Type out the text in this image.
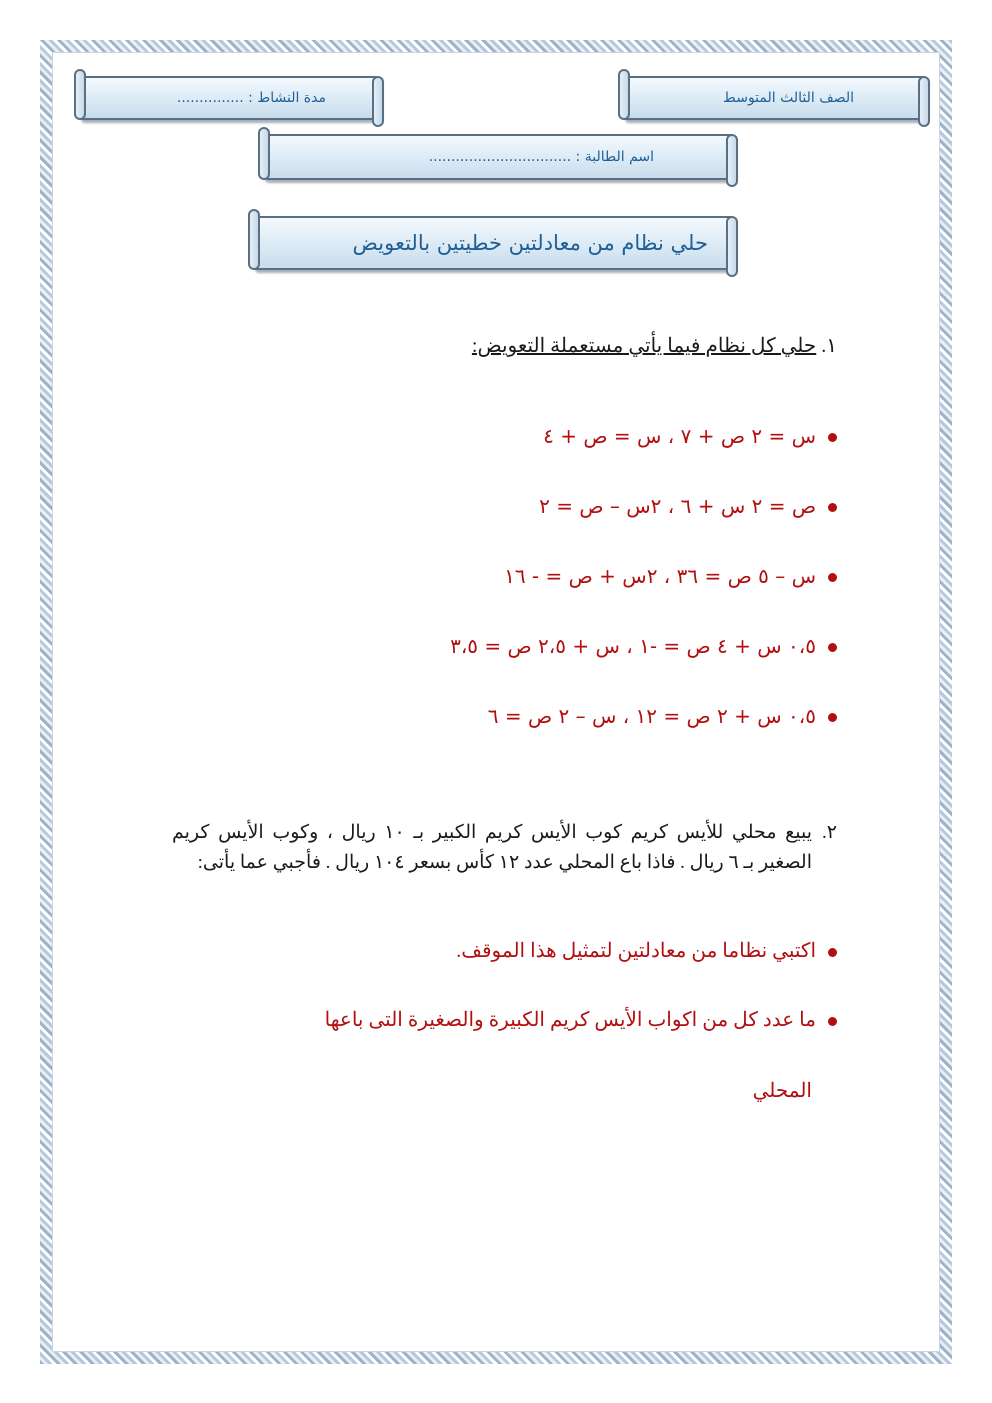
الصف الثالث المتوسط
مدة النشاط : ...............
اسم الطالبة : ................................
حلي نظام من معادلتين خطيتين بالتعويض
١. حلي كل نظام فيما يأتي مستعملة التعويض:
س = ٢ ص + ٧ ، س = ص + ٤
ص = ٢ س + ٦ ، ٢س – ص = ٢
س – ٥ ص = ٣٦ ، ٢س + ص = - ١٦
٠،٥ س + ٤ ص = -١ ، س + ٢،٥ ص = ٣،٥
٠،٥ س + ٢ ص = ١٢ ، س – ٢ ص = ٦
٢.
يبيع محلي للأيس كريم كوب الأيس كريم الكبير بـ ١٠ ريال ، وكوب الأيس كريم الصغير بـ ٦ ريال . فاذا باع المحلي عدد ١٢ كأس بسعر ١٠٤ ريال . فأجبي عما يأتى:
اكتبي نظاما من معادلتين لتمثيل هذا الموقف.
ما عدد كل من اكواب الأيس كريم الكبيرة والصغيرة التى باعها
المحلي
